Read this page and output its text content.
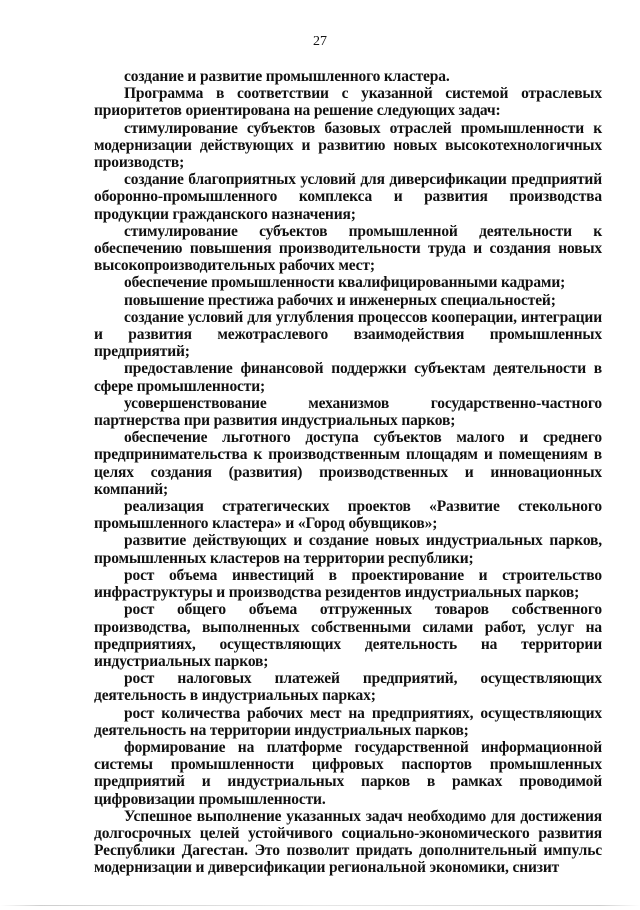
27

создание и развитие промышленного кластера.

Программа в соответствии с указанной системой отраслевых приоритетов ориентирована на решение следующих задач:

стимулирование субъектов базовых отраслей промышленности к модернизации действующих и развитию новых высокотехнологичных производств;

создание благоприятных условий для диверсификации предприятий оборонно-промышленного комплекса и развития производства продукции гражданского назначения;

стимулирование субъектов промышленной деятельности к обеспечению повышения производительности труда и создания новых высокопроизводительных рабочих мест;

обеспечение промышленности квалифицированными кадрами;

повышение престижа рабочих и инженерных специальностей;

создание условий для углубления процессов кооперации, интеграции и развития межотраслевого взаимодействия промышленных предприятий;

предоставление финансовой поддержки субъектам деятельности в сфере промышленности;

усовершенствование механизмов государственно-частного партнерства при развития индустриальных парков;

обеспечение льготного доступа субъектов малого и среднего предпринимательства к производственным площадям и помещениям в целях создания (развития) производственных и инновационных компаний;

реализация стратегических проектов «Развитие стекольного промышленного кластера» и «Город обувщиков»;

развитие действующих и создание новых индустриальных парков, промышленных кластеров на территории республики;

рост объема инвестиций в проектирование и строительство инфраструктуры и производства резидентов индустриальных парков;

рост общего объема отгруженных товаров собственного производства, выполненных собственными силами работ, услуг на предприятиях, осуществляющих деятельность на территории индустриальных парков;

рост налоговых платежей предприятий, осуществляющих деятельность в индустриальных парках;

рост количества рабочих мест на предприятиях, осуществляющих деятельность на территории индустриальных парков;

формирование на платформе государственной информационной системы промышленности цифровых паспортов промышленных предприятий и индустриальных парков в рамках проводимой цифровизации промышленности.

Успешное выполнение указанных задач необходимо для достижения долгосрочных целей устойчивого социально-экономического развития Республики Дагестан. Это позволит придать дополнительный импульс модернизации и диверсификации региональной экономики, снизит
